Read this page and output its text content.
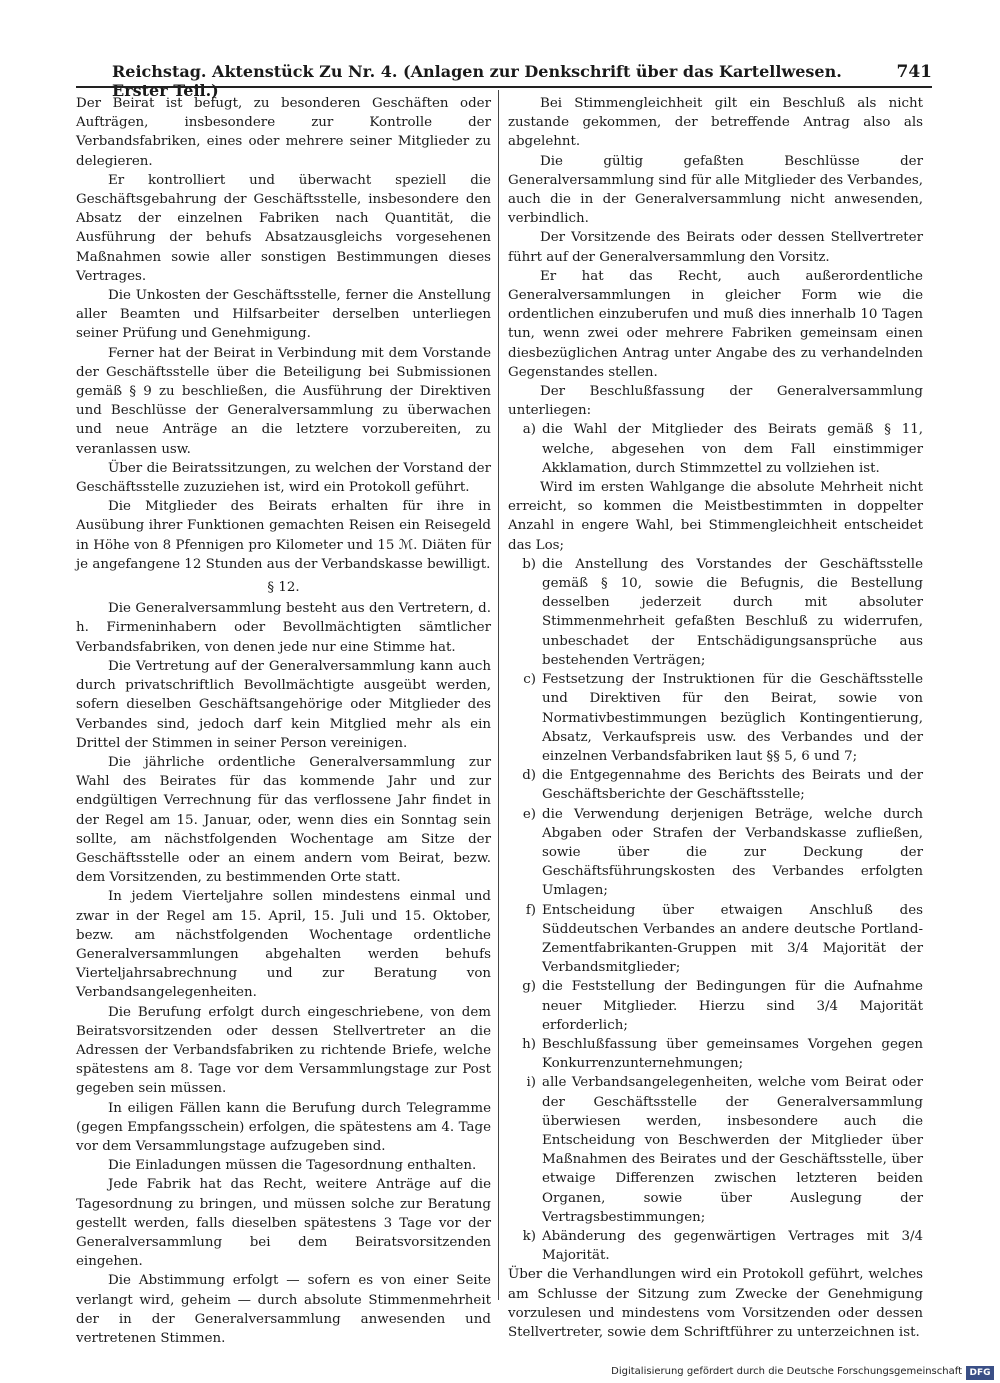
Reichstag. Aktenstück Zu Nr. 4. (Anlagen zur Denkschrift über das Kartellwesen. Erster Teil.)
741

Der Beirat ist befugt, zu besonderen Geschäften oder Aufträgen, insbesondere zur Kontrolle der Verbandsfabriken, eines oder mehrere seiner Mitglieder zu delegieren.

Er kontrolliert und überwacht speziell die Geschäftsgebahrung der Geschäftsstelle, insbesondere den Absatz der einzelnen Fabriken nach Quantität, die Ausführung der behufs Absatzausgleichs vorgesehenen Maßnahmen sowie aller sonstigen Bestimmungen dieses Vertrages.

Die Unkosten der Geschäftsstelle, ferner die Anstellung aller Beamten und Hilfsarbeiter derselben unterliegen seiner Prüfung und Genehmigung.

Ferner hat der Beirat in Verbindung mit dem Vorstande der Geschäftsstelle über die Beteiligung bei Submissionen gemäß § 9 zu beschließen, die Ausführung der Direktiven und Beschlüsse der Generalversammlung zu überwachen und neue Anträge an die letztere vorzubereiten, zu veranlassen usw.

Über die Beiratssitzungen, zu welchen der Vorstand der Geschäftsstelle zuzuziehen ist, wird ein Protokoll geführt.

Die Mitglieder des Beirats erhalten für ihre in Ausübung ihrer Funktionen gemachten Reisen ein Reisegeld in Höhe von 8 Pfennigen pro Kilometer und 15 ℳ. Diäten für je angefangene 12 Stunden aus der Verbandskasse bewilligt.

§ 12.

Die Generalversammlung besteht aus den Vertretern, d. h. Firmeninhabern oder Bevollmächtigten sämtlicher Verbandsfabriken, von denen jede nur eine Stimme hat.

Die Vertretung auf der Generalversammlung kann auch durch privatschriftlich Bevollmächtigte ausgeübt werden, sofern dieselben Geschäftsangehörige oder Mitglieder des Verbandes sind, jedoch darf kein Mitglied mehr als ein Drittel der Stimmen in seiner Person vereinigen.

Die jährliche ordentliche Generalversammlung zur Wahl des Beirates für das kommende Jahr und zur endgültigen Verrechnung für das verflossene Jahr findet in der Regel am 15. Januar, oder, wenn dies ein Sonntag sein sollte, am nächstfolgenden Wochentage am Sitze der Geschäftsstelle oder an einem andern vom Beirat, bezw. dem Vorsitzenden, zu bestimmenden Orte statt.

In jedem Vierteljahre sollen mindestens einmal und zwar in der Regel am 15. April, 15. Juli und 15. Oktober, bezw. am nächstfolgenden Wochentage ordentliche Generalversammlungen abgehalten werden behufs Vierteljahrsabrechnung und zur Beratung von Verbandsangelegenheiten.

Die Berufung erfolgt durch eingeschriebene, von dem Beiratsvorsitzenden oder dessen Stellvertreter an die Adressen der Verbandsfabriken zu richtende Briefe, welche spätestens am 8. Tage vor dem Versammlungstage zur Post gegeben sein müssen.

In eiligen Fällen kann die Berufung durch Telegramme (gegen Empfangsschein) erfolgen, die spätestens am 4. Tage vor dem Versammlungstage aufzugeben sind.

Die Einladungen müssen die Tagesordnung enthalten.

Jede Fabrik hat das Recht, weitere Anträge auf die Tagesordnung zu bringen, und müssen solche zur Beratung gestellt werden, falls dieselben spätestens 3 Tage vor der Generalversammlung bei dem Beiratsvorsitzenden eingehen.

Die Abstimmung erfolgt — sofern es von einer Seite verlangt wird, geheim — durch absolute Stimmenmehrheit der in der Generalversammlung anwesenden und vertretenen Stimmen.

Bei Stimmengleichheit gilt ein Beschluß als nicht zustande gekommen, der betreffende Antrag also als abgelehnt.

Die gültig gefaßten Beschlüsse der Generalversammlung sind für alle Mitglieder des Verbandes, auch die in der Generalversammlung nicht anwesenden, verbindlich.

Der Vorsitzende des Beirats oder dessen Stellvertreter führt auf der Generalversammlung den Vorsitz.

Er hat das Recht, auch außerordentliche Generalversammlungen in gleicher Form wie die ordentlichen einzuberufen und muß dies innerhalb 10 Tagen tun, wenn zwei oder mehrere Fabriken gemeinsam einen diesbezüglichen Antrag unter Angabe des zu verhandelnden Gegenstandes stellen.

Der Beschlußfassung der Generalversammlung unterliegen:

a) die Wahl der Mitglieder des Beirats gemäß § 11, welche, abgesehen von dem Fall einstimmiger Akklamation, durch Stimmzettel zu vollziehen ist.

Wird im ersten Wahlgange die absolute Mehrheit nicht erreicht, so kommen die Meistbestimmten in doppelter Anzahl in engere Wahl, bei Stimmengleichheit entscheidet das Los;

b) die Anstellung des Vorstandes der Geschäftsstelle gemäß § 10, sowie die Befugnis, die Bestellung desselben jederzeit durch mit absoluter Stimmenmehrheit gefaßten Beschluß zu widerrufen, unbeschadet der Entschädigungsansprüche aus bestehenden Verträgen;
c) Festsetzung der Instruktionen für die Geschäftsstelle und Direktiven für den Beirat, sowie von Normativbestimmungen bezüglich Kontingentierung, Absatz, Verkaufspreis usw. des Verbandes und der einzelnen Verbandsfabriken laut §§ 5, 6 und 7;
d) die Entgegennahme des Berichts des Beirats und der Geschäftsberichte der Geschäftsstelle;
e) die Verwendung derjenigen Beträge, welche durch Abgaben oder Strafen der Verbandskasse zufließen, sowie über die zur Deckung der Geschäftsführungskosten des Verbandes erfolgten Umlagen;
f) Entscheidung über etwaigen Anschluß des Süddeutschen Verbandes an andere deutsche Portland-Zementfabrikanten-Gruppen mit 3/4 Majorität der Verbandsmitglieder;
g) die Feststellung der Bedingungen für die Aufnahme neuer Mitglieder. Hierzu sind 3/4 Majorität erforderlich;
h) Beschlußfassung über gemeinsames Vorgehen gegen Konkurrenzunternehmungen;
i) alle Verbandsangelegenheiten, welche vom Beirat oder der Geschäftsstelle der Generalversammlung überwiesen werden, insbesondere auch die Entscheidung von Beschwerden der Mitglieder über Maßnahmen des Beirates und der Geschäftsstelle, über etwaige Differenzen zwischen letzteren beiden Organen, sowie über Auslegung der Vertragsbestimmungen;
k) Abänderung des gegenwärtigen Vertrages mit 3/4 Majorität.

Über die Verhandlungen wird ein Protokoll geführt, welches am Schlusse der Sitzung zum Zwecke der Genehmigung vorzulesen und mindestens vom Vorsitzenden oder dessen Stellvertreter, sowie dem Schriftführer zu unterzeichnen ist.

Digitalisierung gefördert durch die Deutsche Forschungsgemeinschaft DFG
